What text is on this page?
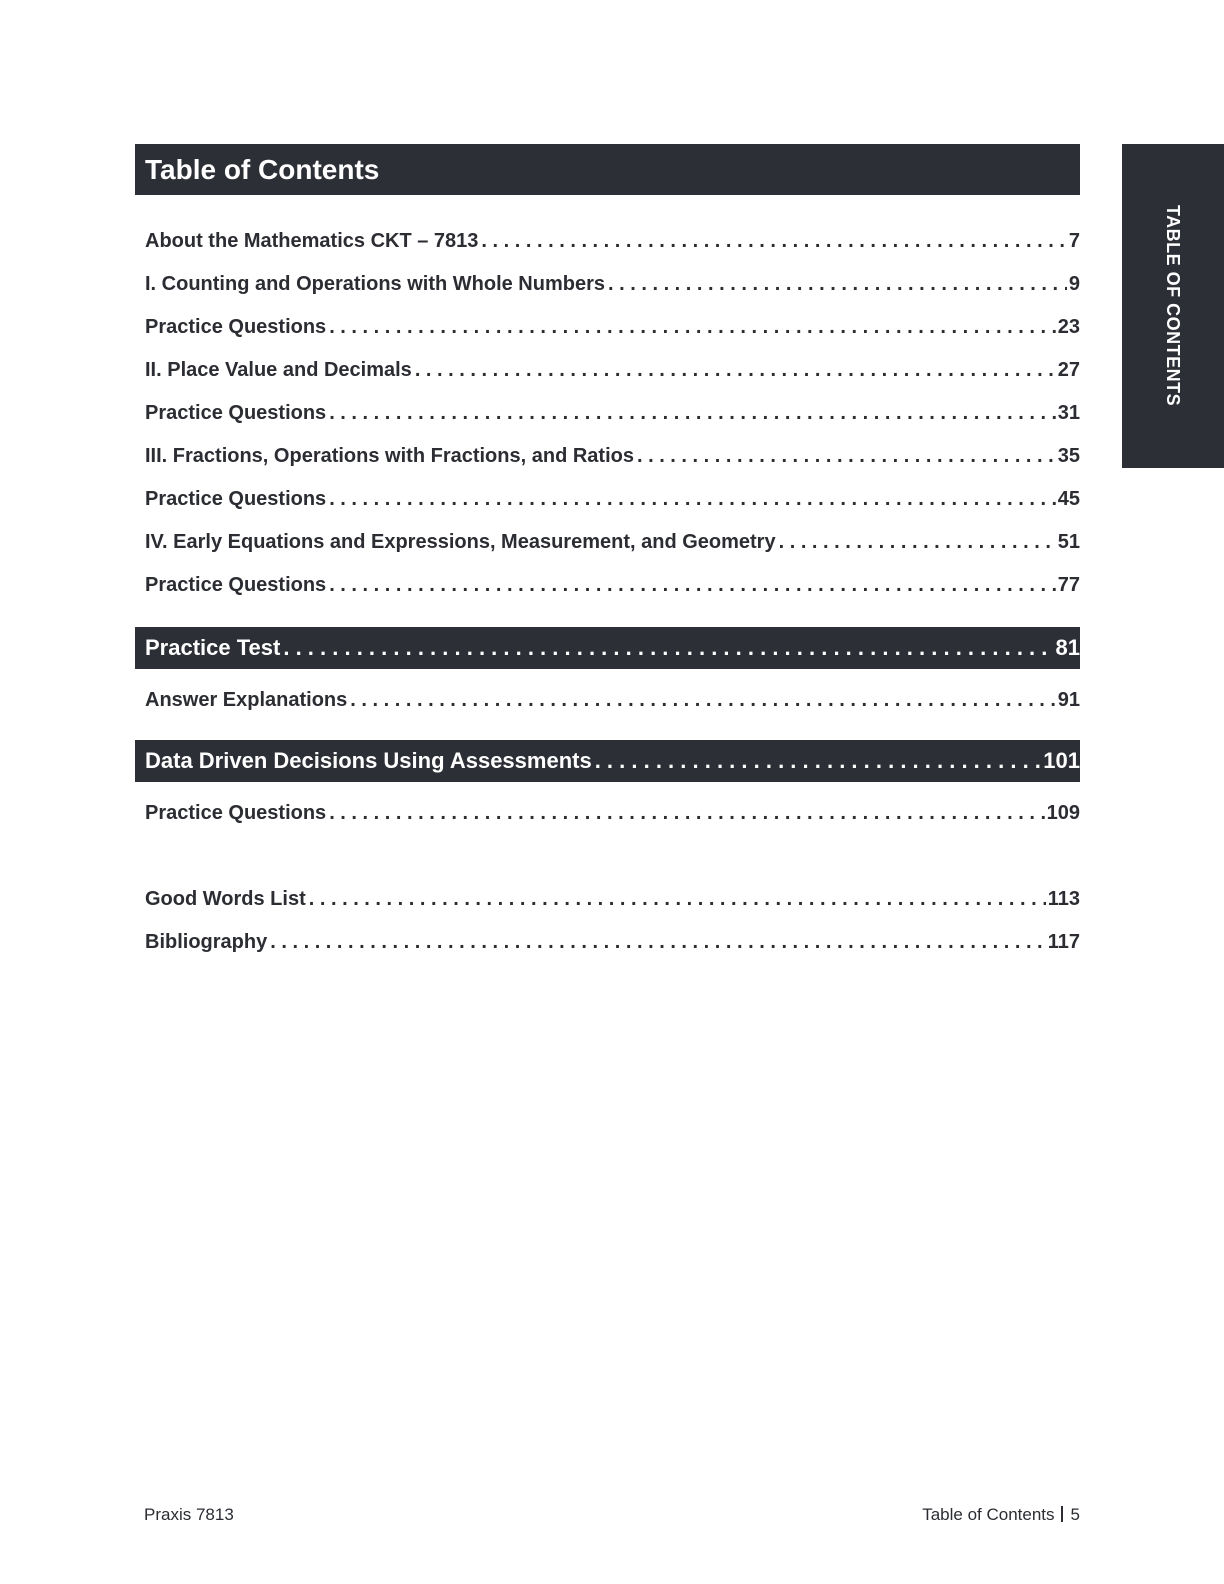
Table of Contents
TABLE OF CONTENTS
About the Mathematics CKT – 7813 . . .	7
I. Counting and Operations with Whole Numbers . . .	9
Practice Questions . . .	23
II. Place Value and Decimals . . .	27
Practice Questions . . .	31
III. Fractions, Operations with Fractions, and Ratios . . .	35
Practice Questions . . .	45
IV. Early Equations and Expressions, Measurement, and Geometry . . .	51
Practice Questions . . .	77
Practice Test . . .	81
Answer Explanations . . .	91
Data Driven Decisions Using Assessments . . .	101
Practice Questions . . .	109
Good Words List . . .	113
Bibliography . . .	117
Praxis 7813	Table of Contents 5
